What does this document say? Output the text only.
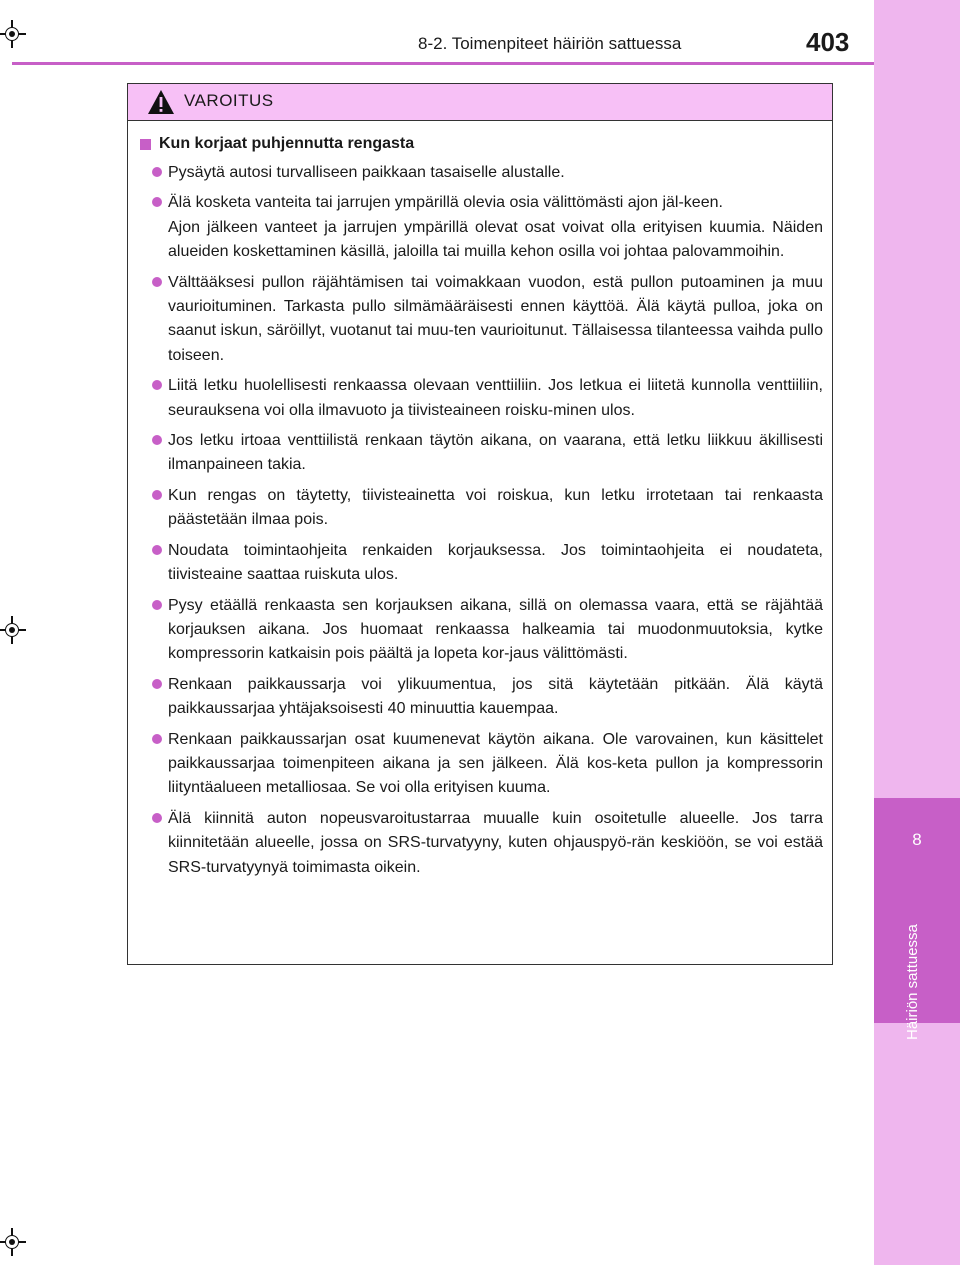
8
Häiriön sattuessa
8-2. Toimenpiteet häiriön sattuessa	403
VAROITUS
Kun korjaat puhjennutta rengasta

Pysäytä autosi turvalliseen paikkaan tasaiselle alustalle.

Älä kosketa vanteita tai jarrujen ympärillä olevia osia välittömästi ajon jäl-keen.

Ajon jälkeen vanteet ja jarrujen ympärillä olevat osat voivat olla erityisen kuumia. Näiden alueiden koskettaminen käsillä, jaloilla tai muilla kehon osilla voi johtaa palovammoihin.

Välttääksesi pullon räjähtämisen tai voimakkaan vuodon, estä pullon putoaminen ja muu vaurioituminen. Tarkasta pullo silmämääräisesti ennen käyttöä. Älä käytä pulloa, joka on saanut iskun, säröillyt, vuotanut tai muu-ten vaurioitunut. Tällaisessa tilanteessa vaihda pullo toiseen.

Liitä letku huolellisesti renkaassa olevaan venttiiliin. Jos letkua ei liitetä kunnolla venttiiliin, seurauksena voi olla ilmavuoto ja tiivisteaineen roisku-minen ulos.

Jos letku irtoaa venttiilistä renkaan täytön aikana, on vaarana, että letku liikkuu äkillisesti ilmanpaineen takia.

Kun rengas on täytetty, tiivisteainetta voi roiskua, kun letku irrotetaan tai renkaasta päästetään ilmaa pois.

Noudata toimintaohjeita renkaiden korjauksessa. Jos toimintaohjeita ei noudateta, tiivisteaine saattaa ruiskuta ulos.

Pysy etäällä renkaasta sen korjauksen aikana, sillä on olemassa vaara, että se räjähtää korjauksen aikana. Jos huomaat renkaassa halkeamia tai muodonmuutoksia, kytke kompressorin katkaisin pois päältä ja lopeta kor-jaus välittömästi.

Renkaan paikkaussarja voi ylikuumentua, jos sitä käytetään pitkään. Älä käytä paikkaussarjaa yhtäjaksoisesti 40 minuuttia kauempaa.

Renkaan paikkaussarjan osat kuumenevat käytön aikana. Ole varovainen, kun käsittelet paikkaussarjaa toimenpiteen aikana ja sen jälkeen. Älä kos-keta pullon ja kompressorin liityntäalueen metalliosaa. Se voi olla erityisen kuuma.

Älä kiinnitä auton nopeusvaroitustarraa muualle kuin osoitetulle alueelle. Jos tarra kiinnitetään alueelle, jossa on SRS-turvatyyny, kuten ohjauspyö-rän keskiöön, se voi estää SRS-turvatyynyä toimimasta oikein.
